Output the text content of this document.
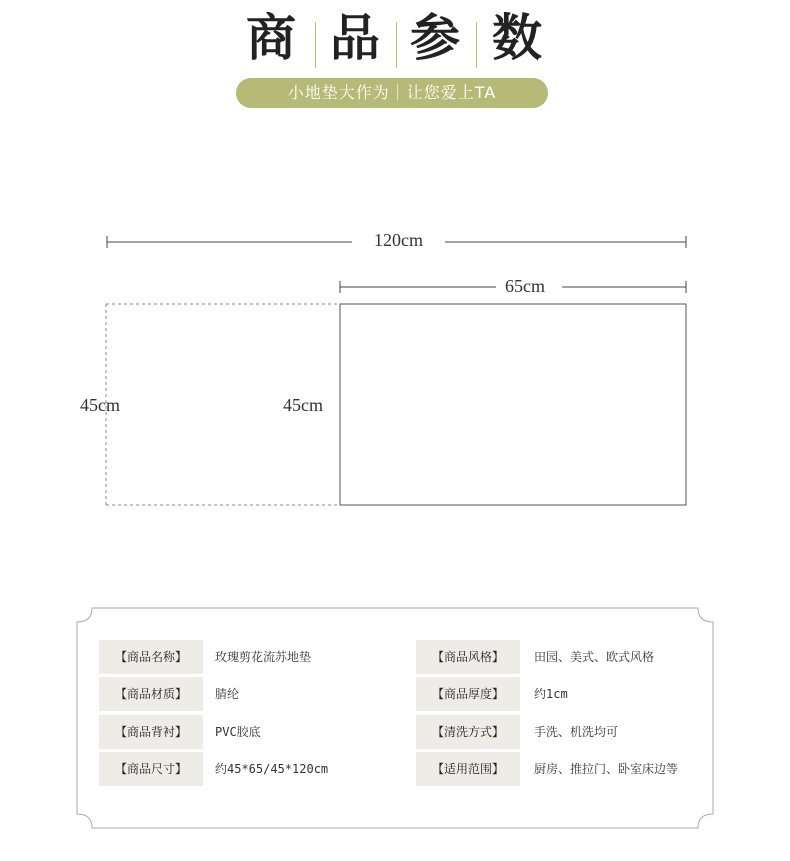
商 品 参 数
小地垫大作为｜让您爱上TA
120cm
65cm
45cm	45cm
【商品名称】	玫瑰剪花流苏地垫	【商品风格】	田园、美式、欧式风格
【商品材质】	腈纶	【商品厚度】	约1cm
【商品背衬】	PVC胶底	【清洗方式】	手洗、机洗均可
【商品尺寸】	约45*65/45*120cm	【适用范围】	厨房、推拉门、卧室床边等
